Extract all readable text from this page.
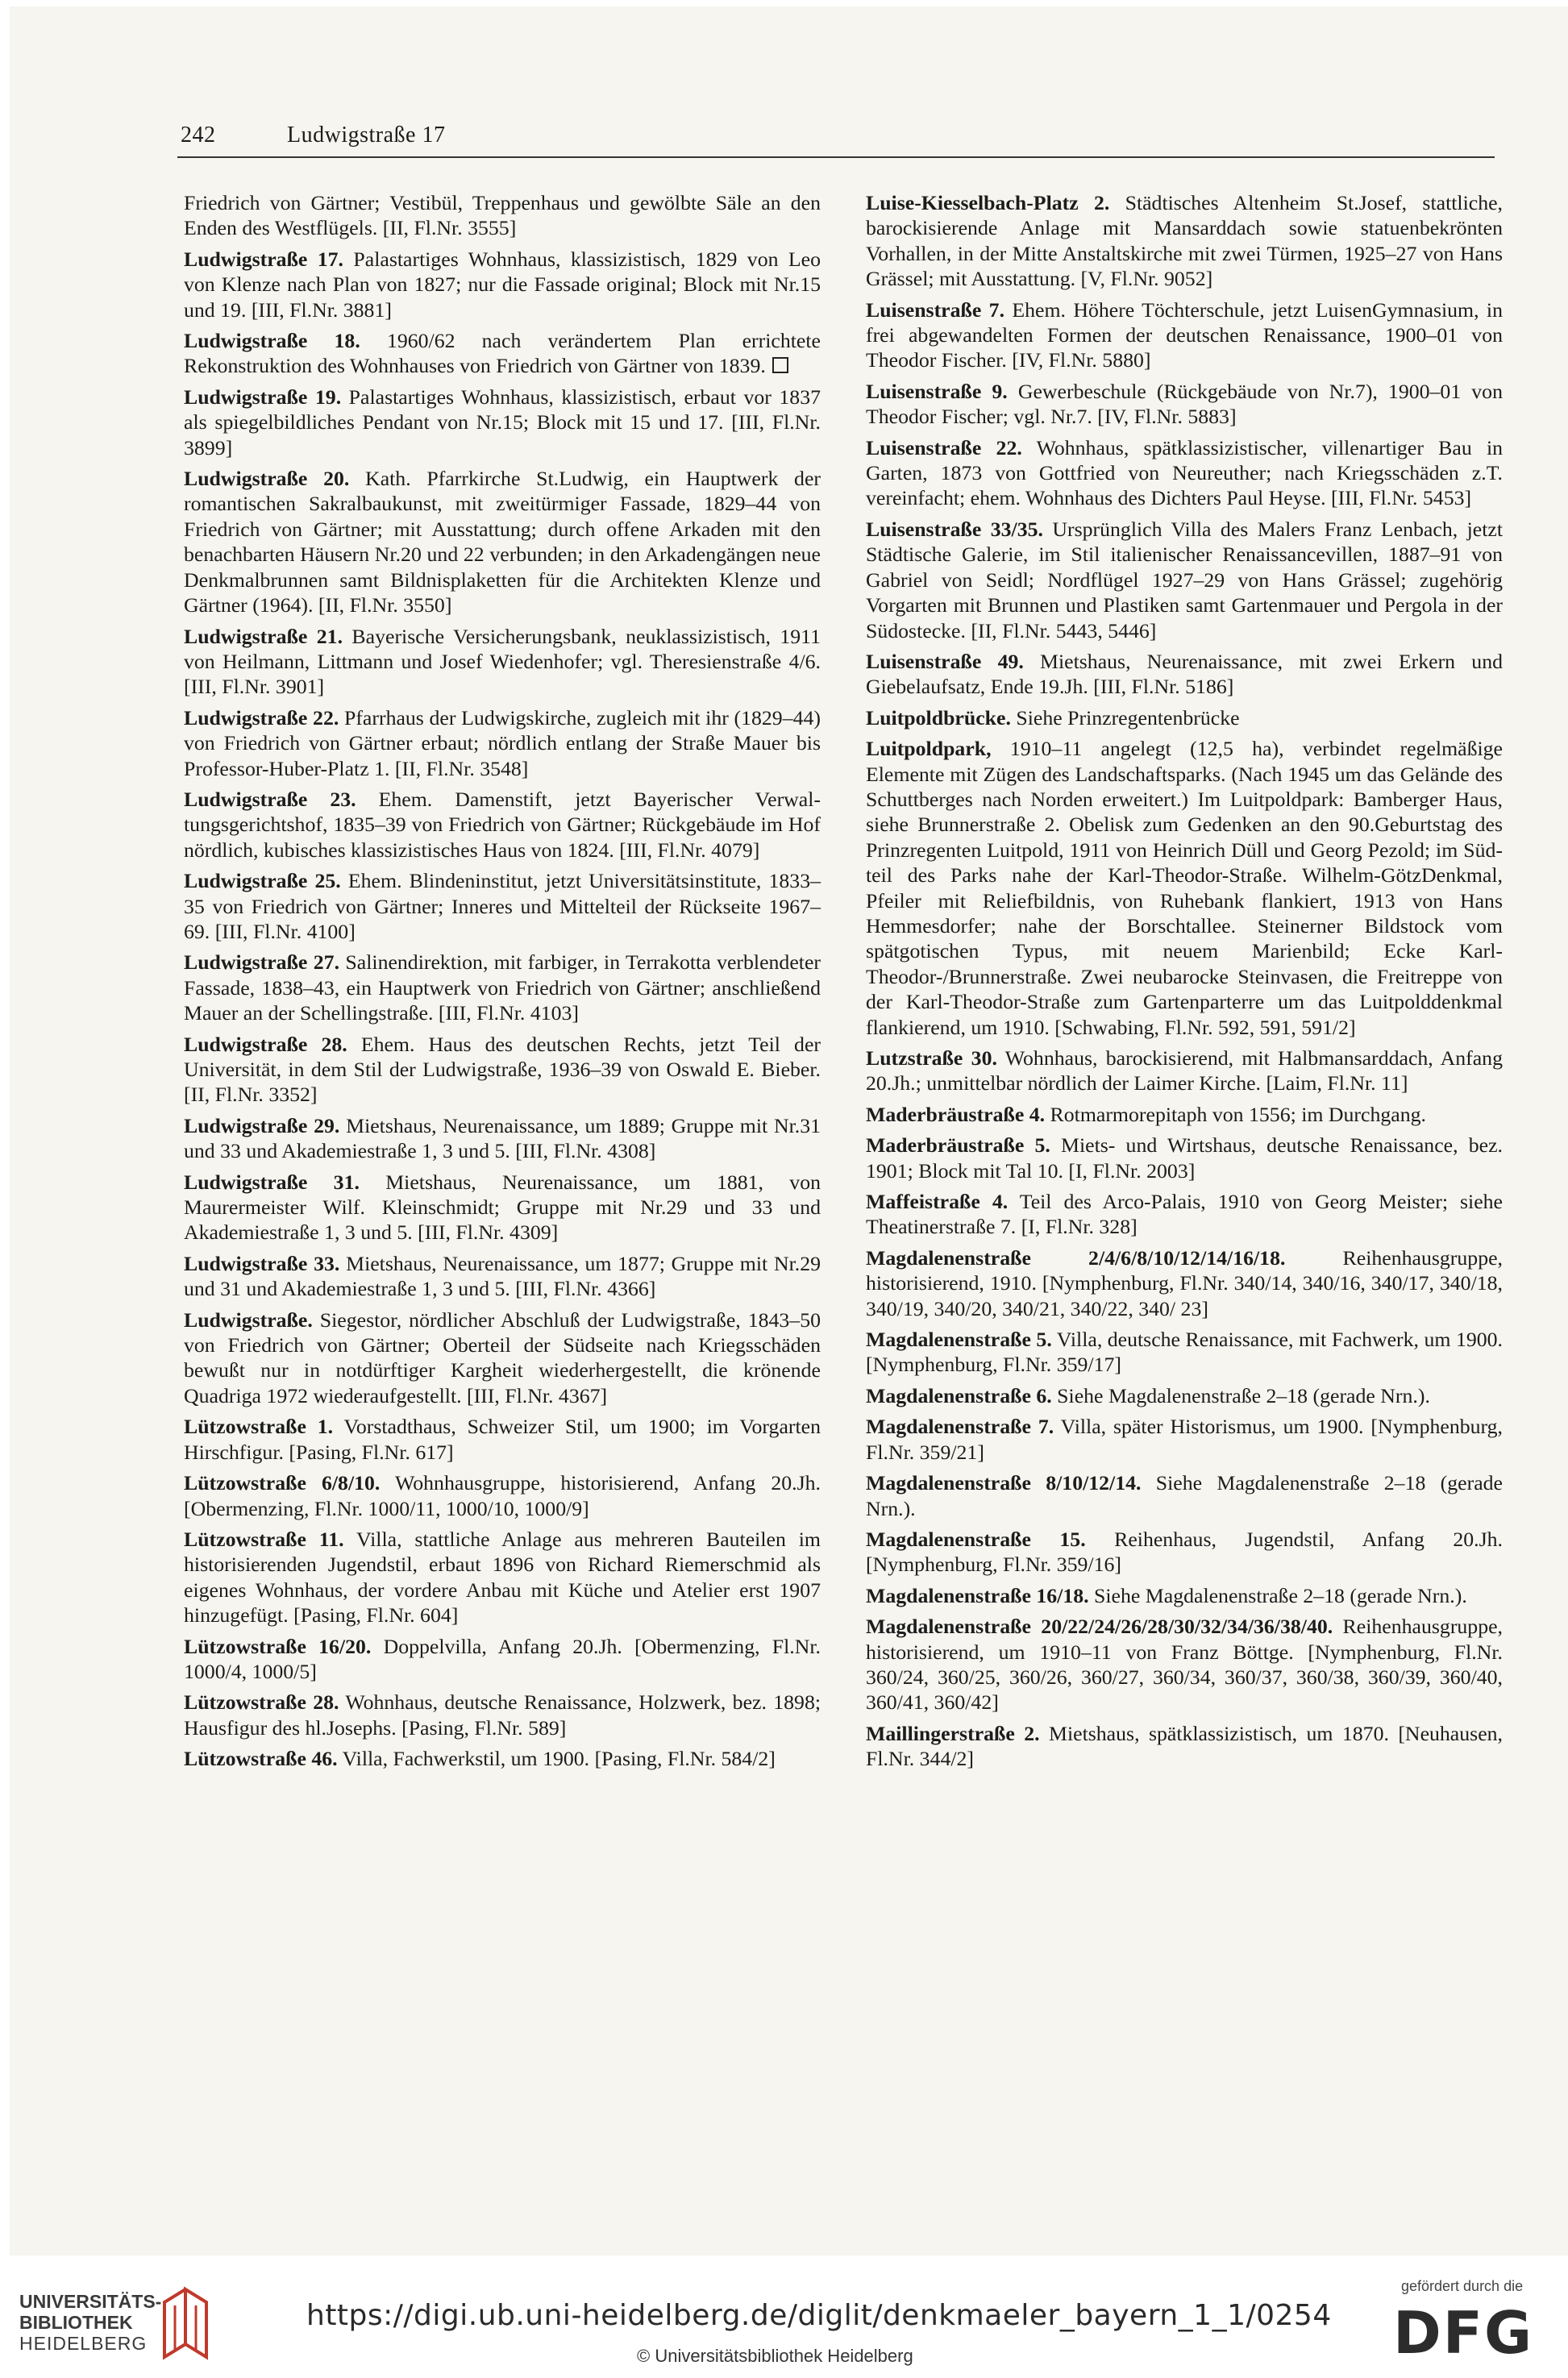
242	Ludwigstraße 17

Friedrich von Gärtner; Vestibül, Treppenhaus und gewölbte Säle an den Enden des Westflügels. [II, Fl.Nr. 3555]

Ludwigstraße 17. Palastartiges Wohnhaus, klassizistisch, 1829 von Leo von Klenze nach Plan von 1827; nur die Fassade original; Block mit Nr.15 und 19. [III, Fl.Nr. 3881]

Ludwigstraße 18. 1960/62 nach verändertem Plan errichtete Rekonstruktion des Wohnhauses von Friedrich von Gärtner von 1839.

Ludwigstraße 19. Palastartiges Wohnhaus, klassizistisch, erbaut vor 1837 als spiegelbildliches Pendant von Nr.15; Block mit 15 und 17. [III, Fl.Nr. 3899]

Ludwigstraße 20. Kath. Pfarrkirche St.Ludwig, ein Hauptwerk der romantischen Sakralbaukunst, mit zweitürmiger Fassade, 1829–44 von Friedrich von Gärtner; mit Ausstattung; durch offene Arkaden mit den benachbarten Häusern Nr.20 und 22 verbunden; in den Arkadengängen neue Denkmalbrunnen samt Bildnisplaketten für die Architekten Klenze und Gärtner (1964). [II, Fl.Nr. 3550]

Ludwigstraße 21. Bayerische Versicherungsbank, neuklassizistisch, 1911 von Heilmann, Littmann und Josef Wiedenhofer; vgl. Theresienstraße 4/6. [III, Fl.Nr. 3901]

Ludwigstraße 22. Pfarrhaus der Ludwigskirche, zugleich mit ihr (1829–44) von Friedrich von Gärtner erbaut; nördlich entlang der Straße Mauer bis Professor-Huber-Platz 1. [II, Fl.Nr. 3548]

Ludwigstraße 23. Ehem. Damenstift, jetzt Bayerischer Verwaltungsgerichtshof, 1835–39 von Friedrich von Gärtner; Rückgebäude im Hof nördlich, kubisches klassizistisches Haus von 1824. [III, Fl.Nr. 4079]

Ludwigstraße 25. Ehem. Blindeninstitut, jetzt Universitätsinstitute, 1833–35 von Friedrich von Gärtner; Inneres und Mittelteil der Rückseite 1967–69. [III, Fl.Nr. 4100]

Ludwigstraße 27. Salinendirektion, mit farbiger, in Terrakotta verblendeter Fassade, 1838–43, ein Hauptwerk von Friedrich von Gärtner; anschließend Mauer an der Schellingstraße. [III, Fl.Nr. 4103]

Ludwigstraße 28. Ehem. Haus des deutschen Rechts, jetzt Teil der Universität, in dem Stil der Ludwigstraße, 1936–39 von Oswald E. Bieber. [II, Fl.Nr. 3352]

Ludwigstraße 29. Mietshaus, Neurenaissance, um 1889; Gruppe mit Nr.31 und 33 und Akademiestraße 1, 3 und 5. [III, Fl.Nr. 4308]

Ludwigstraße 31. Mietshaus, Neurenaissance, um 1881, von Maurermeister Wilf. Kleinschmidt; Gruppe mit Nr.29 und 33 und Akademiestraße 1, 3 und 5. [III, Fl.Nr. 4309]

Ludwigstraße 33. Mietshaus, Neurenaissance, um 1877; Gruppe mit Nr.29 und 31 und Akademiestraße 1, 3 und 5. [III, Fl.Nr. 4366]

Ludwigstraße. Siegestor, nördlicher Abschluß der Ludwigstraße, 1843–50 von Friedrich von Gärtner; Oberteil der Südseite nach Kriegsschäden bewußt nur in notdürftiger Kargheit wiederhergestellt, die krönende Quadriga 1972 wiederaufgestellt. [III, Fl.Nr. 4367]

Lützowstraße 1. Vorstadthaus, Schweizer Stil, um 1900; im Vorgarten Hirschfigur. [Pasing, Fl.Nr. 617]

Lützowstraße 6/8/10. Wohnhausgruppe, historisierend, Anfang 20.Jh. [Obermenzing, Fl.Nr. 1000/11, 1000/10, 1000/9]

Lützowstraße 11. Villa, stattliche Anlage aus mehreren Bauteilen im historisierenden Jugendstil, erbaut 1896 von Richard Riemerschmid als eigenes Wohnhaus, der vordere Anbau mit Küche und Atelier erst 1907 hinzugefügt. [Pasing, Fl.Nr. 604]

Lützowstraße 16/20. Doppelvilla, Anfang 20.Jh. [Obermenzing, Fl.Nr. 1000/4, 1000/5]

Lützowstraße 28. Wohnhaus, deutsche Renaissance, Holzwerk, bez. 1898; Hausfigur des hl.Josephs. [Pasing, Fl.Nr. 589]

Lützowstraße 46. Villa, Fachwerkstil, um 1900. [Pasing, Fl.Nr. 584/2]

Luise-Kiesselbach-Platz 2. Städtisches Altenheim St.Josef, stattliche, barockisierende Anlage mit Mansarddach sowie statuenbekrönten Vorhallen, in der Mitte Anstaltskirche mit zwei Türmen, 1925–27 von Hans Grässel; mit Ausstattung. [V, Fl.Nr. 9052]

Luisenstraße 7. Ehem. Höhere Töchterschule, jetzt LuisenGymnasium, in frei abgewandelten Formen der deutschen Renaissance, 1900–01 von Theodor Fischer. [IV, Fl.Nr. 5880]

Luisenstraße 9. Gewerbeschule (Rückgebäude von Nr.7), 1900–01 von Theodor Fischer; vgl. Nr.7. [IV, Fl.Nr. 5883]

Luisenstraße 22. Wohnhaus, spätklassizistischer, villenartiger Bau in Garten, 1873 von Gottfried von Neureuther; nach Kriegsschäden z.T. vereinfacht; ehem. Wohnhaus des Dichters Paul Heyse. [III, Fl.Nr. 5453]

Luisenstraße 33/35. Ursprünglich Villa des Malers Franz Lenbach, jetzt Städtische Galerie, im Stil italienischer Renaissancevillen, 1887–91 von Gabriel von Seidl; Nordflügel 1927–29 von Hans Grässel; zugehörig Vorgarten mit Brunnen und Plastiken samt Gartenmauer und Pergola in der Südostecke. [II, Fl.Nr. 5443, 5446]

Luisenstraße 49. Mietshaus, Neurenaissance, mit zwei Erkern und Giebelaufsatz, Ende 19.Jh. [III, Fl.Nr. 5186]

Luitpoldbrücke. Siehe Prinzregentenbrücke

Luitpoldpark, 1910–11 angelegt (12,5 ha), verbindet regelmäßige Elemente mit Zügen des Landschaftsparks. (Nach 1945 um das Gelände des Schuttberges nach Norden erweitert.) Im Luitpoldpark: Bamberger Haus, siehe Brunnerstraße 2. Obelisk zum Gedenken an den 90.Geburtstag des Prinzregenten Luitpold, 1911 von Heinrich Düll und Georg Pezold; im Südteil des Parks nahe der Karl-Theodor-Straße. Wilhelm-GötzDenkmal, Pfeiler mit Reliefbildnis, von Ruhebank flankiert, 1913 von Hans Hemmesdorfer; nahe der Borschtallee. Steinerner Bildstock vom spätgotischen Typus, mit neuem Marienbild; Ecke Karl-Theodor-/Brunnerstraße. Zwei neubarocke Steinvasen, die Freitreppe von der Karl-Theodor-Straße zum Gartenparterre um das Luitpolddenkmal flankierend, um 1910. [Schwabing, Fl.Nr. 592, 591, 591/2]

Lutzstraße 30. Wohnhaus, barockisierend, mit Halbmansarddach, Anfang 20.Jh.; unmittelbar nördlich der Laimer Kirche. [Laim, Fl.Nr. 11]

Maderbräustraße 4. Rotmarmorepitaph von 1556; im Durchgang.

Maderbräustraße 5. Miets- und Wirtshaus, deutsche Renaissance, bez. 1901; Block mit Tal 10. [I, Fl.Nr. 2003]

Maffeistraße 4. Teil des Arco-Palais, 1910 von Georg Meister; siehe Theatinerstraße 7. [I, Fl.Nr. 328]

Magdalenenstraße 2/4/6/8/10/12/14/16/18. Reihenhausgruppe, historisierend, 1910. [Nymphenburg, Fl.Nr. 340/14, 340/16, 340/17, 340/18, 340/19, 340/20, 340/21, 340/22, 340/ 23]

Magdalenenstraße 5. Villa, deutsche Renaissance, mit Fachwerk, um 1900. [Nymphenburg, Fl.Nr. 359/17]

Magdalenenstraße 6. Siehe Magdalenenstraße 2–18 (gerade Nrn.).

Magdalenenstraße 7. Villa, später Historismus, um 1900. [Nymphenburg, Fl.Nr. 359/21]

Magdalenenstraße 8/10/12/14. Siehe Magdalenenstraße 2–18 (gerade Nrn.).

Magdalenenstraße 15. Reihenhaus, Jugendstil, Anfang 20.Jh. [Nymphenburg, Fl.Nr. 359/16]

Magdalenenstraße 16/18. Siehe Magdalenenstraße 2–18 (gerade Nrn.).

Magdalenenstraße 20/22/24/26/28/30/32/34/36/38/40. Reihenhausgruppe, historisierend, um 1910–11 von Franz Böttge. [Nymphenburg, Fl.Nr. 360/24, 360/25, 360/26, 360/27, 360/34, 360/37, 360/38, 360/39, 360/40, 360/41, 360/42]

Maillingerstraße 2. Mietshaus, spätklassizistisch, um 1870. [Neuhausen, Fl.Nr. 344/2]

UNIVERSITÄTS-
BIBLIOTHEK
HEIDELBERG
https://digi.ub.uni-heidelberg.de/diglit/denkmaeler_bayern_1_1/0254
© Universitätsbibliothek Heidelberg
gefördert durch die
DFG
